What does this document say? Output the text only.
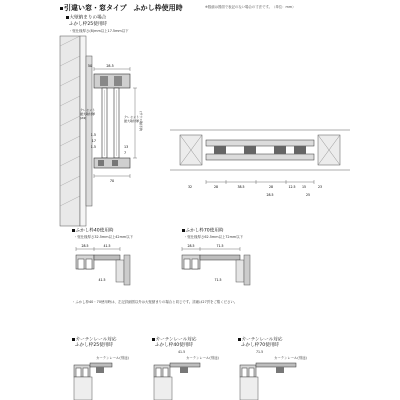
引違い窓・窓タイプ　ふかし枠使用時	※数値は図面で表記のない場合の寸法です。（単位：mm）
大壁納まりの場合
ふかし枠25使用時
・壁仕様厚さ(8)mm以上17.5mm以下
28.5
50
1.5
17
1.5	13
7
70
クレセント
最大取付厚
(24)	クレセント
最大取付厚 (ガラス取付厚)
32	28	38.5	28	12.5 15	23
28.5	25
ふかし枠40使用時
・壁仕様厚さ32.5mm以上42mm以下
28.5	41.5
41.5
ふかし枠70使用時
・壁仕様厚さ62.5mm以上72mm以下
28.5	71.5
71.5
・ふかし枠40・70使用時は、左記詳細図以外は大壁納まりの場合と同じです。詳細は27頁をご覧ください。
カーテンレール対応
ふかし枠25使用時
カーテンレール(別途)
カーテンレール対応
ふかし枠40使用時
41.5
カーテンレール(別途)
カーテンレール対応
ふかし枠70使用時
71.5
カーテンレール(別途)
